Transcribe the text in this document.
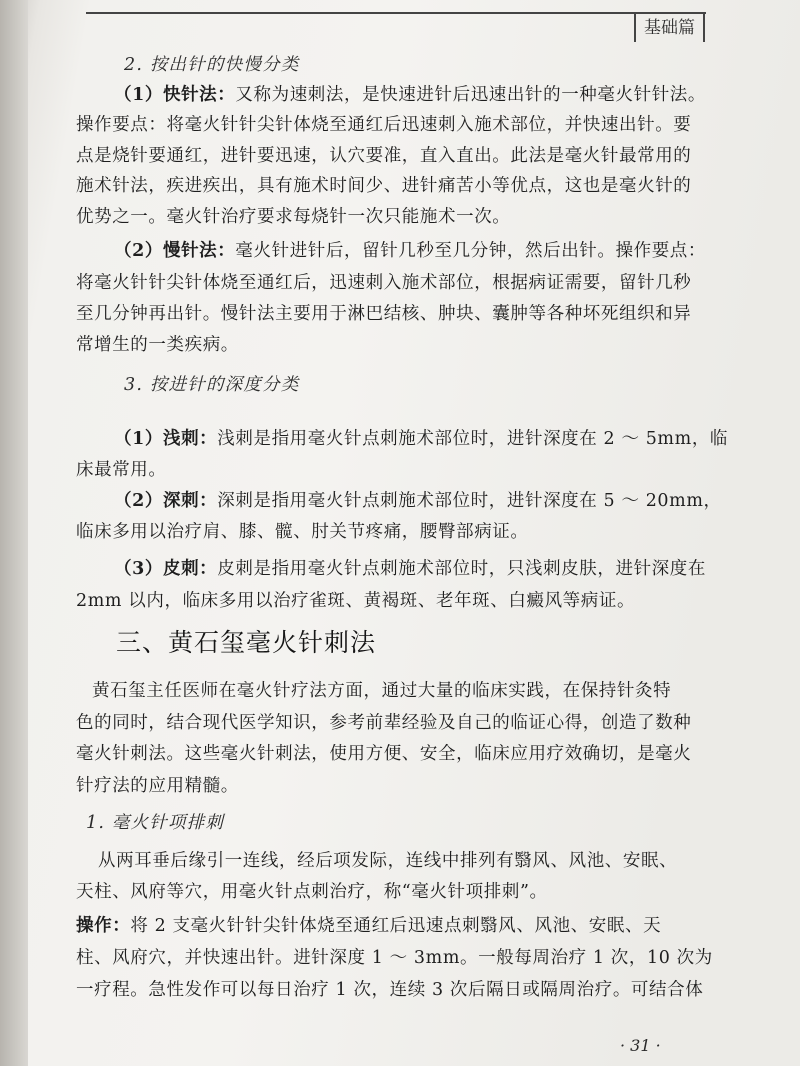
基础篇
2. 按出针的快慢分类
（1）快针法：又称为速刺法，是快速进针后迅速出针的一种毫火针针法。
操作要点：将毫火针针尖针体烧至通红后迅速刺入施术部位，并快速出针。要
点是烧针要通红，进针要迅速，认穴要准，直入直出。此法是毫火针最常用的
施术针法，疾进疾出，具有施术时间少、进针痛苦小等优点，这也是毫火针的
优势之一。毫火针治疗要求每烧针一次只能施术一次。
（2）慢针法：毫火针进针后，留针几秒至几分钟，然后出针。操作要点：
将毫火针针尖针体烧至通红后，迅速刺入施术部位，根据病证需要，留针几秒
至几分钟再出针。慢针法主要用于淋巴结核、肿块、囊肿等各种坏死组织和异
常增生的一类疾病。
3. 按进针的深度分类
（1）浅刺：浅刺是指用毫火针点刺施术部位时，进针深度在 2 ～ 5mm，临
床最常用。
（2）深刺：深刺是指用毫火针点刺施术部位时，进针深度在 5 ～ 20mm，
临床多用以治疗肩、膝、髋、肘关节疼痛，腰臀部病证。
（3）皮刺：皮刺是指用毫火针点刺施术部位时，只浅刺皮肤，进针深度在
2mm 以内，临床多用以治疗雀斑、黄褐斑、老年斑、白癜风等病证。
三、黄石玺毫火针刺法
黄石玺主任医师在毫火针疗法方面，通过大量的临床实践，在保持针灸特
色的同时，结合现代医学知识，参考前辈经验及自己的临证心得，创造了数种
毫火针刺法。这些毫火针刺法，使用方便、安全，临床应用疗效确切，是毫火
针疗法的应用精髓。
1. 毫火针项排刺
从两耳垂后缘引一连线，经后项发际，连线中排列有翳风、风池、安眠、
天柱、风府等穴，用毫火针点刺治疗，称“毫火针项排刺”。
操作：将 2 支毫火针针尖针体烧至通红后迅速点刺翳风、风池、安眠、天
柱、风府穴，并快速出针。进针深度 1 ～ 3mm。一般每周治疗 1 次，10 次为
一疗程。急性发作可以每日治疗 1 次，连续 3 次后隔日或隔周治疗。可结合体
· 31 ·
